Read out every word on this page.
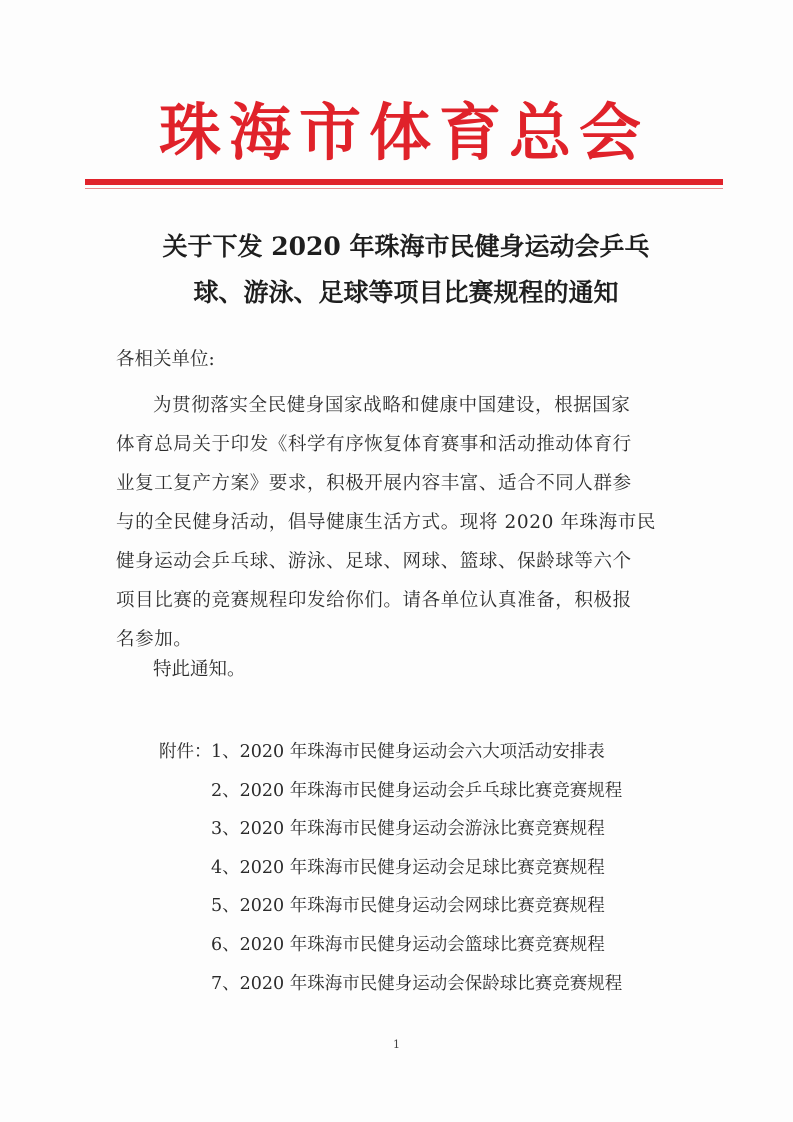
珠海市体育总会
关于下发 2020 年珠海市民健身运动会乒乓
球、游泳、足球等项目比赛规程的通知
各相关单位:
为贯彻落实全民健身国家战略和健康中国建设，根据国家
体育总局关于印发《科学有序恢复体育赛事和活动推动体育行
业复工复产方案》要求，积极开展内容丰富、适合不同人群参
与的全民健身活动，倡导健康生活方式。现将 2020 年珠海市民
健身运动会乒乓球、游泳、足球、网球、篮球、保龄球等六个
项目比赛的竞赛规程印发给你们。请各单位认真准备，积极报
名参加。
特此通知。
附件：1、2020 年珠海市民健身运动会六大项活动安排表
2、2020 年珠海市民健身运动会乒乓球比赛竞赛规程
3、2020 年珠海市民健身运动会游泳比赛竞赛规程
4、2020 年珠海市民健身运动会足球比赛竞赛规程
5、2020 年珠海市民健身运动会网球比赛竞赛规程
6、2020 年珠海市民健身运动会篮球比赛竞赛规程
7、2020 年珠海市民健身运动会保龄球比赛竞赛规程
1
